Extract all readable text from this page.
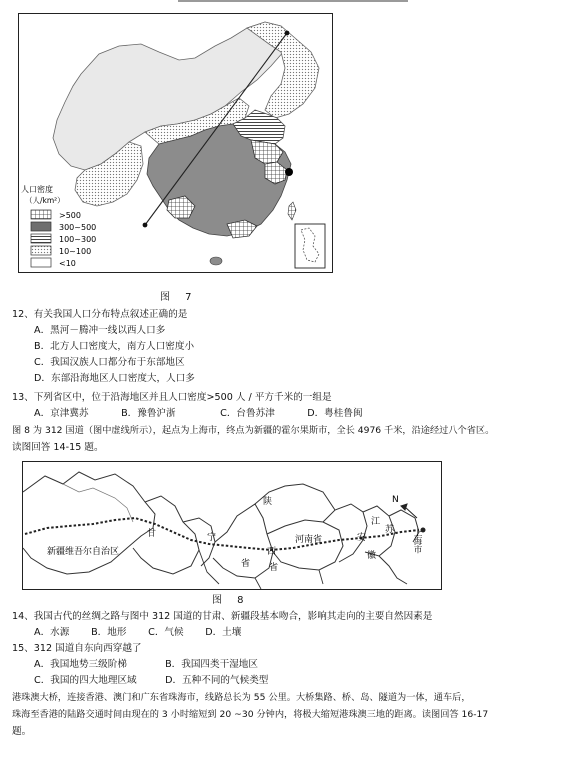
人口密度
（人/km²）
>500
300~500
100~300
10~100
<10
图 7
12、有关我国人口分布特点叙述正确的是
A．黑河－腾冲一线以西人口多
B．北方人口密度大，南方人口密度小
C．我国汉族人口都分布于东部地区
D．东部沿海地区人口密度大，人口多
13、下列省区中，位于沿海地区并且人口密度>500 人 / 平方千米的一组是
A．京津冀苏	B．豫鲁沪浙	C．台鲁苏津	D．粤桂鲁闽
图 8 为 312 国道（图中虚线所示），起点为上海市，终点为新疆的霍尔果斯市，全长 4976 千米，沿途经过八个省区。
读图回答 14-15 题。
新疆维吾尔自治区
甘	宁
陕
西
省
省
河南省
江
苏
安
徽
上海市
N
图 8
14、我国古代的丝绸之路与图中 312 国道的甘肃、新疆段基本吻合，影响其走向的主要自然因素是
A．水源 B．地形 C．气候 D．土壤
15、312 国道自东向西穿越了
A．我国地势三级阶梯	B．我国四类干湿地区
C．我国的四大地理区域	D．五种不同的气候类型
港珠澳大桥，连接香港、澳门和广东省珠海市，线路总长为 55 公里。大桥集路、桥、岛、隧道为一体，通车后，
珠海至香港的陆路交通时间由现在的 3 小时缩短到 20 ~30 分钟内，将极大缩短港珠澳三地的距离。读图回答 16-17
题。
